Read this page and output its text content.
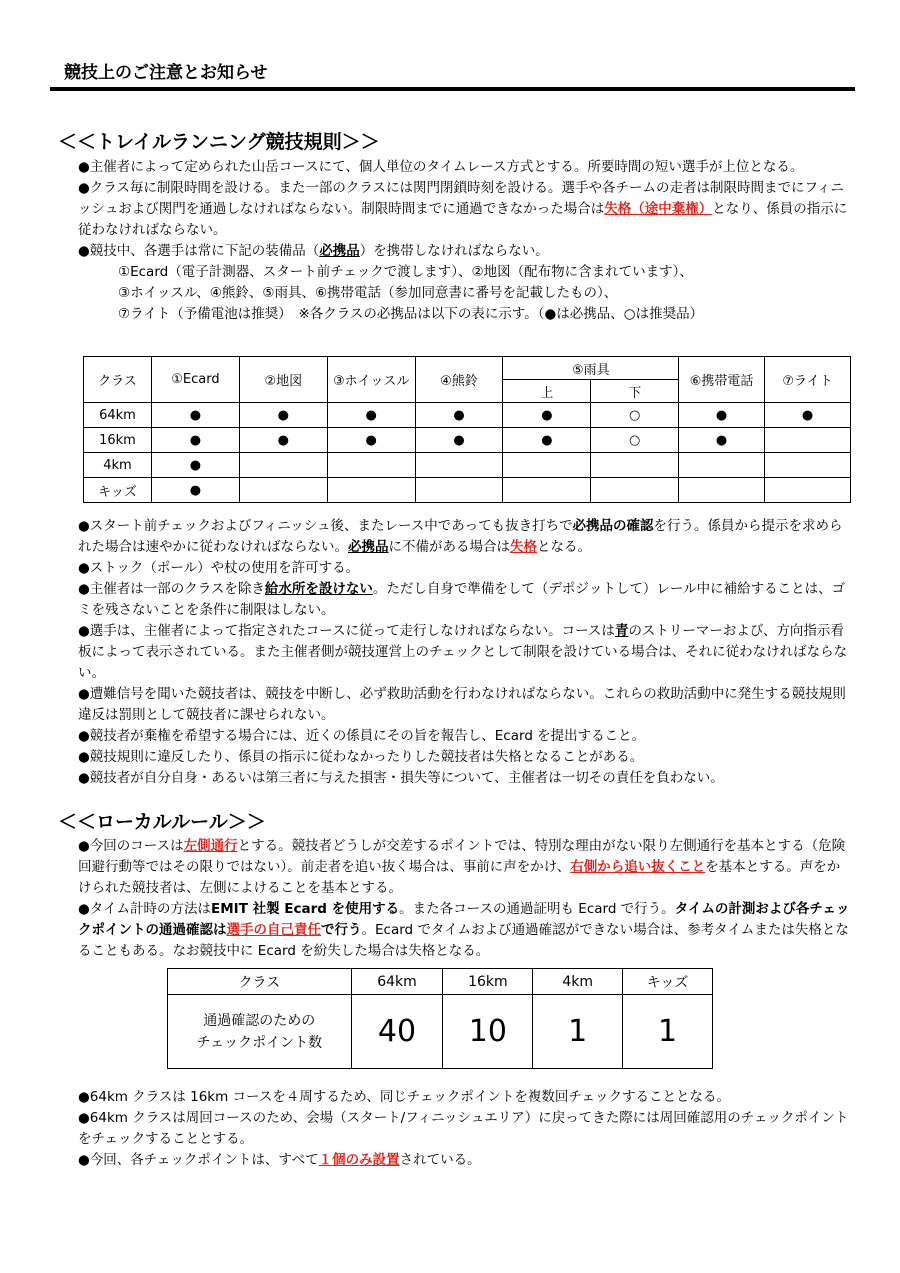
競技上のご注意とお知らせ
＜＜トレイルランニング競技規則＞＞

●主催者によって定められた山岳コースにて、個人単位のタイムレース方式とする。所要時間の短い選手が上位となる。

●クラス毎に制限時間を設ける。また一部のクラスには関門閉鎖時刻を設ける。選手や各チームの走者は制限時間までにフィニッシュおよび関門を通過しなければならない。制限時間までに通過できなかった場合は失格（途中棄権）となり、係員の指示に従わなければならない。

●競技中、各選手は常に下記の装備品（必携品）を携帯しなければならない。

①Ecard（電子計測器、スタート前チェックで渡します）、②地図（配布物に含まれています）、

③ホイッスル、④熊鈴、⑤雨具、⑥携帯電話（参加同意書に番号を記載したもの）、

⑦ライト（予備電池は推奨）　※各クラスの必携品は以下の表に示す。（●は必携品、○は推奨品）

クラス	①Ecard	②地図	③ホイッスル	④熊鈴	⑤雨具		⑥携帯電話	⑦ライト
					上	下		
64km	●	●	●	●	●	○	●	●
16km	●	●	●	●	●	○	●	
4km	●							
キッズ	●							

●スタート前チェックおよびフィニッシュ後、またレース中であっても抜き打ちで必携品の確認を行う。係員から提示を求められた場合は速やかに従わなければならない。必携品に不備がある場合は失格となる。

●ストック（ポール）や杖の使用を許可する。

●主催者は一部のクラスを除き給水所を設けない。ただし自身で準備をして（デポジットして）レール中に補給することは、ゴミを残さないことを条件に制限はしない。

●選手は、主催者によって指定されたコースに従って走行しなければならない。コースは青のストリーマーおよび、方向指示看板によって表示されている。また主催者側が競技運営上のチェックとして制限を設けている場合は、それに従わなければならない。

●遭難信号を聞いた競技者は、競技を中断し、必ず救助活動を行わなければならない。これらの救助活動中に発生する競技規則違反は罰則として競技者に課せられない。

●競技者が棄権を希望する場合には、近くの係員にその旨を報告し、Ecard を提出すること。

●競技規則に違反したり、係員の指示に従わなかったりした競技者は失格となることがある。

●競技者が自分自身・あるいは第三者に与えた損害・損失等について、主催者は一切その責任を負わない。

＜＜ローカルルール＞＞

●今回のコースは左側通行とする。競技者どうしが交差するポイントでは、特別な理由がない限り左側通行を基本とする（危険回避行動等ではその限りではない）。前走者を追い抜く場合は、事前に声をかけ、右側から追い抜くことを基本とする。声をかけられた競技者は、左側によけることを基本とする。

●タイム計時の方法はEMIT 社製 Ecard を使用する。また各コースの通過証明も Ecard で行う。タイムの計測および各チェックポイントの通過確認は選手の自己責任で行う。Ecard でタイムおよび通過確認ができない場合は、参考タイムまたは失格となることもある。なお競技中に Ecard を紛失した場合は失格となる。

クラス	64km	16km	4km	キッズ

通過確認のための
チェックポイント数	40	10	1	1

●64km クラスは 16km コースを４周するため、同じチェックポイントを複数回チェックすることとなる。

●64km クラスは周回コースのため、会場（スタート/フィニッシュエリア）に戻ってきた際には周回確認用のチェックポイントをチェックすることとする。

●今回、各チェックポイントは、すべて１個のみ設置されている。
